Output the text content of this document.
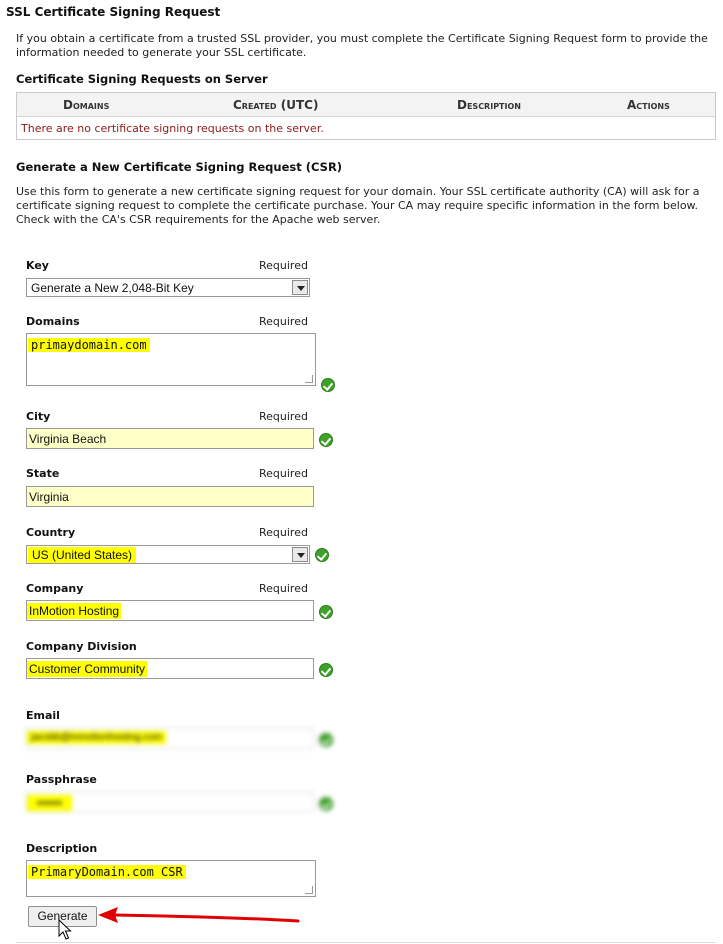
SSL Certificate Signing Request
If you obtain a certificate from a trusted SSL provider, you must complete the Certificate Signing Request form to provide the information needed to generate your SSL certificate.
Certificate Signing Requests on Server
Domains	Created (UTC)	Description	Actions
There are no certificate signing requests on the server.
Generate a New Certificate Signing Request (CSR)
Use this form to generate a new certificate signing request for your domain. Your SSL certificate authority (CA) will ask for a certificate signing request to complete the certificate purchase. Your CA may require specific information in the form below. Check with the CA's CSR requirements for the Apache web server.
Key	Required
Generate a New 2,048-Bit Key
Domains	Required
primaydomain.com
City	Required
Virginia Beach
State	Required
Virginia
Country	Required
US (United States)
Company	Required
InMotion Hosting
Company Division
Customer Community
Email
jacobb@inmotionhosting.com
Passphrase
••••••
Description
PrimaryDomain.com CSR
Generate
